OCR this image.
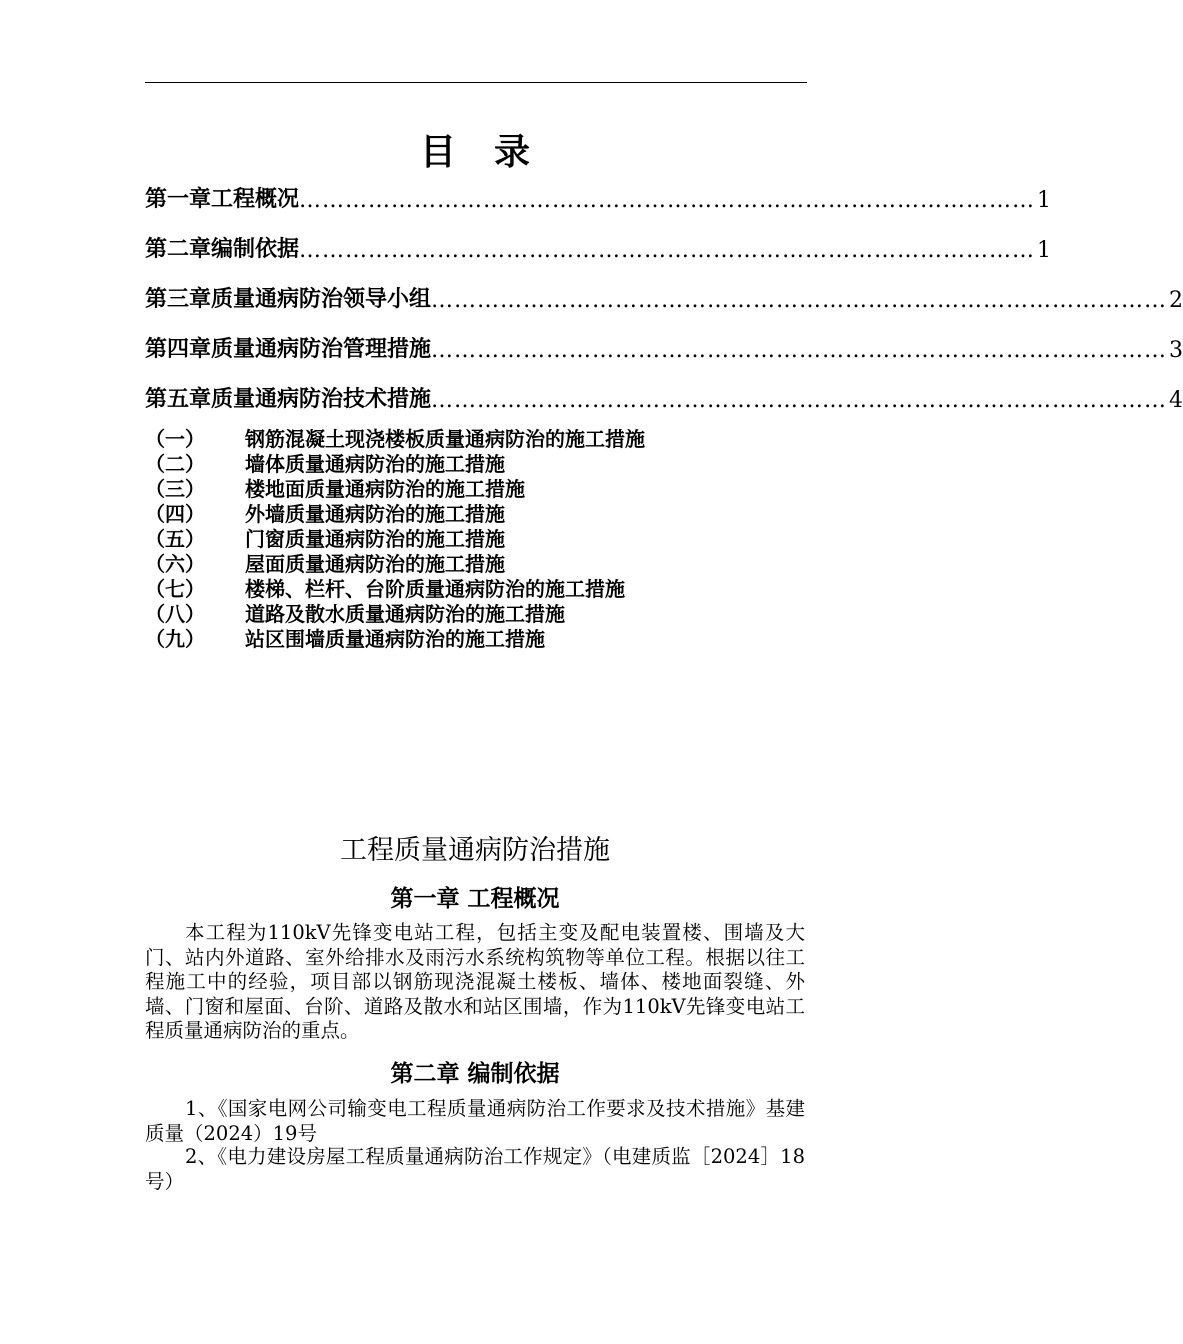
目录
第一章 工程概况 …………………………………………………………………………………… 1
第二章 编制依据 …………………………………………………………………………………… 1
第三章 质量通病防治领导小组 …………………………………………………………………………………… 2
第四章 质量通病防治管理措施 …………………………………………………………………………………… 3
第五章 质量通病防治技术措施 …………………………………………………………………………………… 4
（一）	钢筋混凝土现浇楼板质量通病防治的施工措施
（二）	墙体质量通病防治的施工措施
（三）	楼地面质量通病防治的施工措施
（四）	外墙质量通病防治的施工措施
（五）	门窗质量通病防治的施工措施
（六）	屋面质量通病防治的施工措施
（七）	楼梯、栏杆、台阶质量通病防治的施工措施
（八）	道路及散水质量通病防治的施工措施
（九）	站区围墙质量通病防治的施工措施
工程质量通病防治措施
第一章 工程概况
本工程为110kV先锋变电站工程，包括主变及配电装置楼、围墙及大门、站内外道路、室外给排水及雨污水系统构筑物等单位工程。根据以往工程施工中的经验，项目部以钢筋现浇混凝土楼板、墙体、楼地面裂缝、外墙、门窗和屋面、台阶、道路及散水和站区围墙，作为110kV先锋变电站工程质量通病防治的重点。
第二章 编制依据
1、《国家电网公司输变电工程质量通病防治工作要求及技术措施》基建质量（2024）19号
2、《电力建设房屋工程质量通病防治工作规定》（电建质监［2024］18号）
